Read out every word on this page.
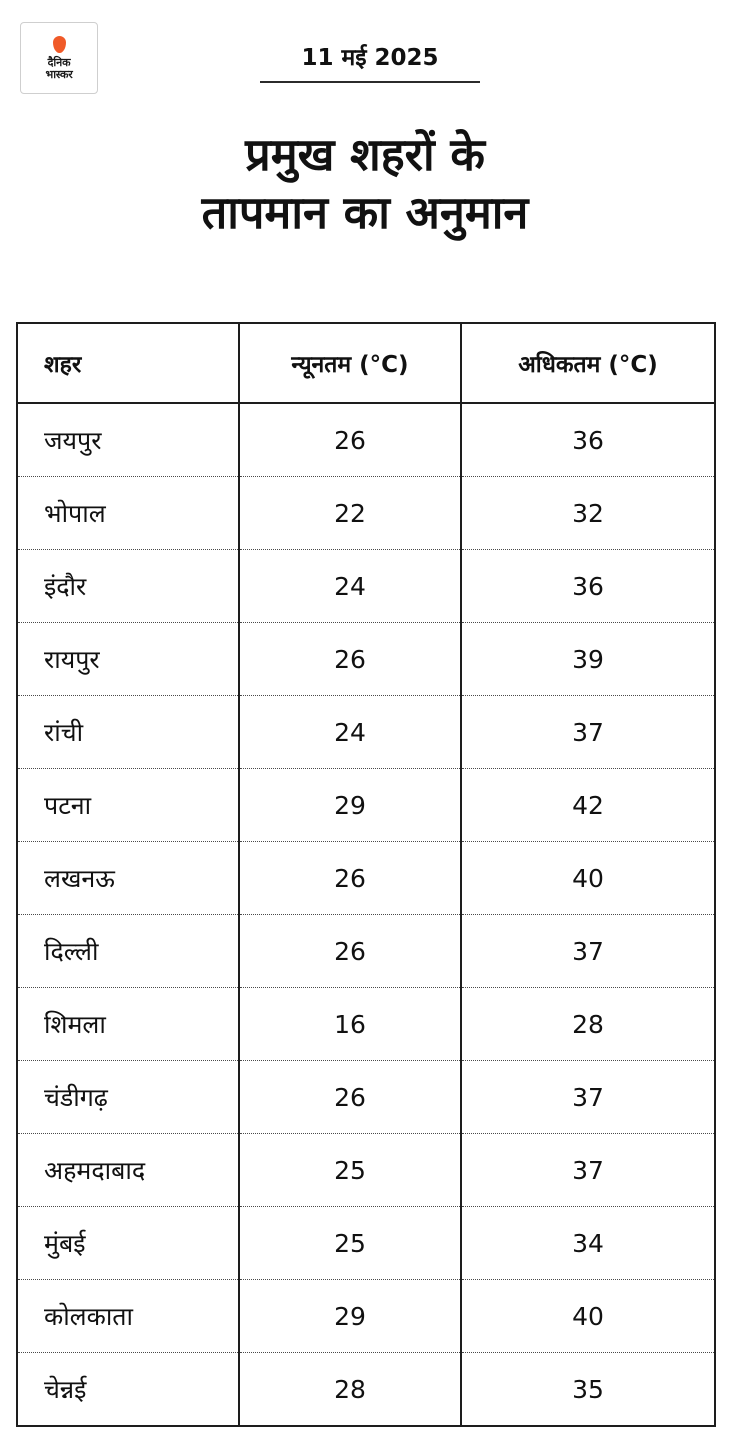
दैनिक
भास्कर
11 मई 2025
प्रमुख शहरों के
तापमान का अनुमान
शहर	न्यूनतम (°C)	अधिकतम (°C)
जयपुर	26	36
भोपाल	22	32
इंदौर	24	36
रायपुर	26	39
रांची	24	37
पटना	29	42
लखनऊ	26	40
दिल्ली	26	37
शिमला	16	28
चंडीगढ़	26	37
अहमदाबाद	25	37
मुंबई	25	34
कोलकाता	29	40
चेन्नई	28	35
